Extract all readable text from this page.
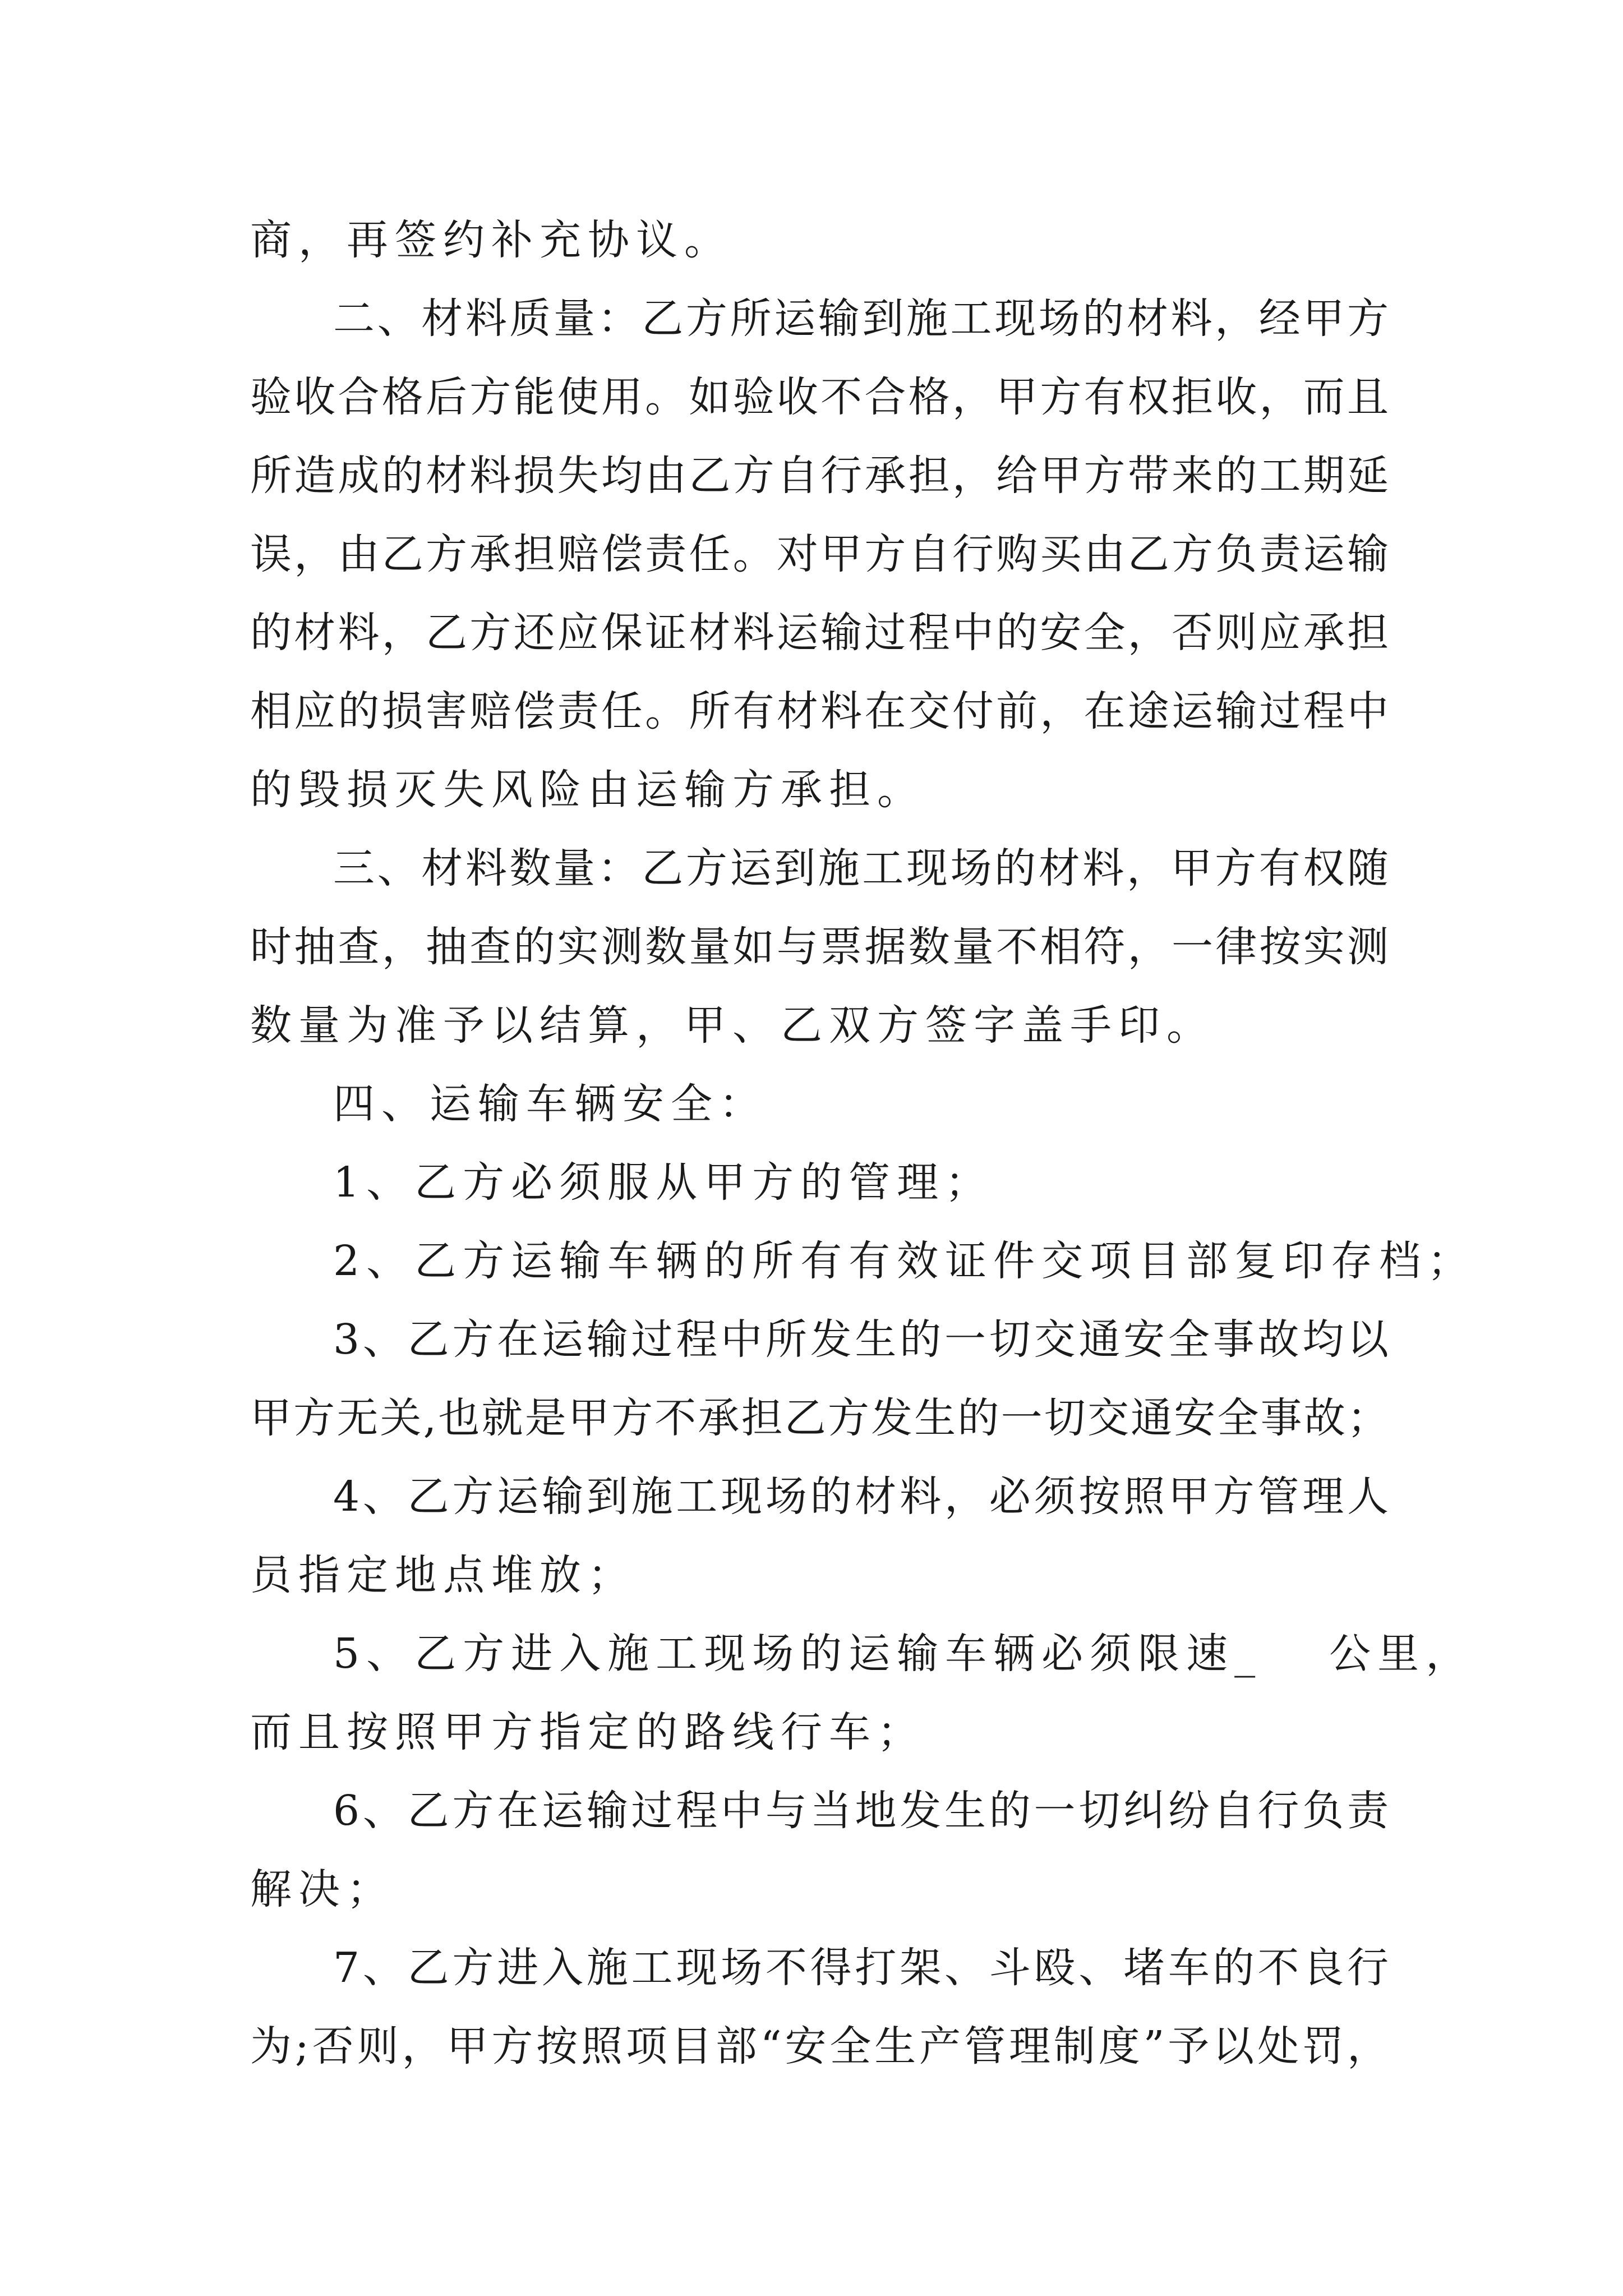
商，再签约补充协议。
二、材料质量：乙方所运输到施工现场的材料，经甲方
验收合格后方能使用。如验收不合格，甲方有权拒收，而且
所造成的材料损失均由乙方自行承担，给甲方带来的工期延
误，由乙方承担赔偿责任。对甲方自行购买由乙方负责运输
的材料，乙方还应保证材料运输过程中的安全，否则应承担
相应的损害赔偿责任。所有材料在交付前，在途运输过程中
的毁损灭失风险由运输方承担。
三、材料数量：乙方运到施工现场的材料，甲方有权随
时抽查，抽查的实测数量如与票据数量不相符，一律按实测
数量为准予以结算，甲、乙双方签字盖手印。
四、运输车辆安全：
1、乙方必须服从甲方的管理；
2、乙方运输车辆的所有有效证件交项目部复印存档；
3、乙方在运输过程中所发生的一切交通安全事故均以
甲方无关,也就是甲方不承担乙方发生的一切交通安全事故；
4、乙方运输到施工现场的材料，必须按照甲方管理人
员指定地点堆放；
5、乙方进入施工现场的运输车辆必须限速_ 公里，
而且按照甲方指定的路线行车；
6、乙方在运输过程中与当地发生的一切纠纷自行负责
解决；
7、乙方进入施工现场不得打架、斗殴、堵车的不良行
为;否则，甲方按照项目部“安全生产管理制度”予以处罚，
